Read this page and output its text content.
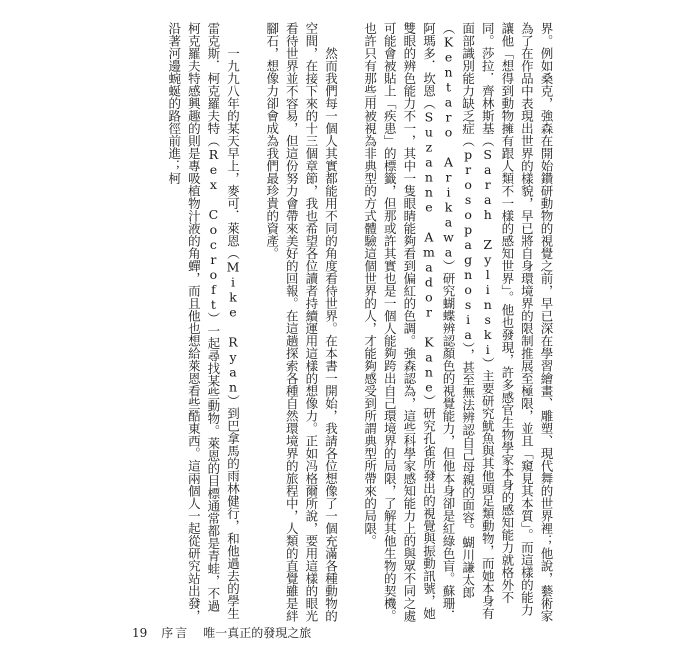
界。例如桑克，強森在開始鑽研動物的視覺之前，早已深在學習繪畫、雕塑、現代舞的世界裡；他說，藝術家為了在作品中表現出世界的樣貌，早已將自身環境界的限制推展至極限，並且「窺見其本質」。而這樣的能力讓他「想得到動物擁有跟人類不一樣的感知世界」。他也發現，許多感官生物學家本身的感知能力就格外不同。莎拉．齊林斯基（Sarah Zylinski）主要研究魷魚與其他頭足類動物，而她本身有面部識別能力缺乏症（prosopagnosia），甚至無法辨認自己母親的面容。蝴川謙太郎（Kentaro Arikawa）研究蝴蝶辨認顏色的視覺能力，但他本身卻是紅綠色盲。蘇珊．阿瑪多．坎恩（Suzanne Amador Kane）研究孔雀所發出的視覺與振動訊號，她雙眼的辨色能力不一，其中一隻眼睛能夠看到偏紅的色調。強森認為，這些科學家感知能力上的與眾不同之處可能會被貼上「疾患」的標籤，但那或許其實也是一個人能夠跨出自己環境界的局限，了解其他生物的契機。也許只有那些用被視為非典型的方式體驗這個世界的人，才能夠感受到所謂典型所帶來的局限。

然而我們每一個人其實都能用不同的角度看待世界。在本書一開始，我請各位想像了一個充滿各種動物的空間，在接下來的十三個章節，我也希望各位讀者持續運用這樣的想像力。正如冯格爾所說，要用這樣的眼光看待世界並不容易，但這份努力會帶來美好的回報。在這趟探索各種自然環境界的旅程中，人類的直覺雖是絆腳石，想像力卻會成為我們最珍貴的資產。

一九九八年的某天早上，麥可．萊恩（Mike Ryan）到巴拿馬的雨林健行，和他過去的學生雷克斯．柯克羅夫特（Rex Cocroft）一起尋找某些動物。萊恩的目標通常都是青蛙，不過柯克羅夫特感興趣的則是專吸植物汁液的角蟬，而且他也想給萊恩看些酷東西。這兩個人一起從研究站出發，沿著河邊蜿蜒的路徑前進；柯

19 序言 唯一真正的發現之旅
